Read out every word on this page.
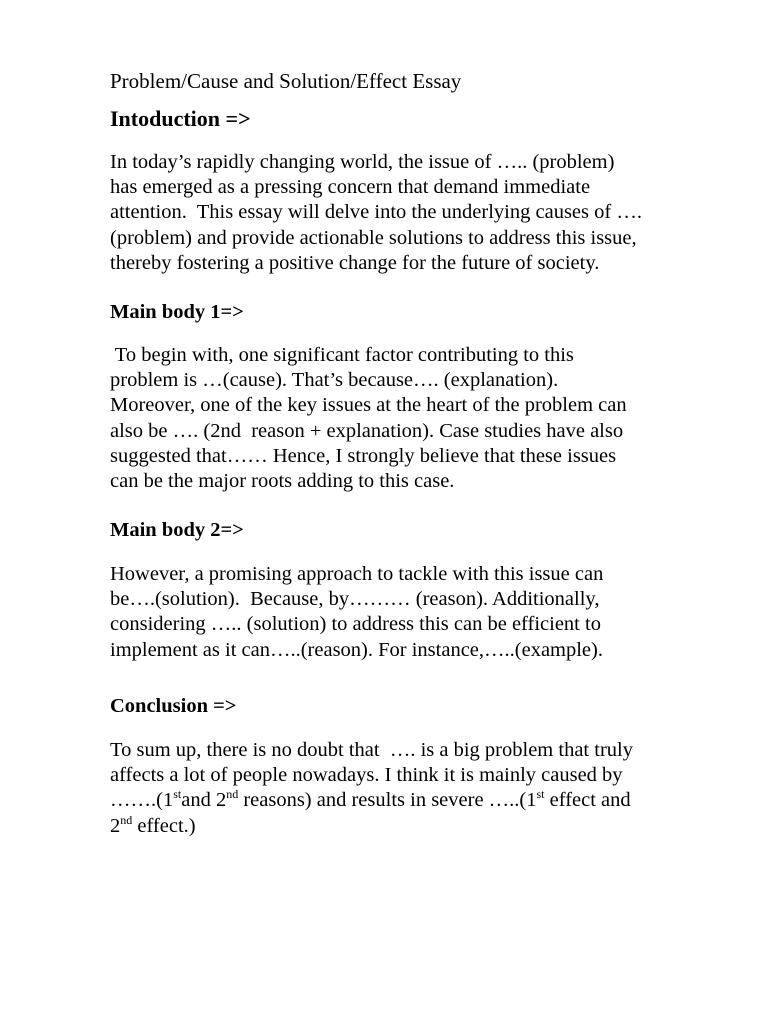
Problem/Cause and Solution/Effect Essay
Intoduction =>
In today’s rapidly changing world, the issue of ….. (problem)
has emerged as a pressing concern that demand immediate
attention.  This essay will delve into the underlying causes of ….
(problem) and provide actionable solutions to address this issue,
thereby fostering a positive change for the future of society.
Main body 1=>
To begin with, one significant factor contributing to this
problem is …(cause). That’s because…. (explanation).
Moreover, one of the key issues at the heart of the problem can
also be …. (2nd  reason + explanation). Case studies have also
suggested that…… Hence, I strongly believe that these issues
can be the major roots adding to this case.
Main body 2=>
However, a promising approach to tackle with this issue can
be….(solution).  Because, by……… (reason). Additionally,
considering ….. (solution) to address this can be efficient to
implement as it can…..(reason). For instance,…..(example).
Conclusion =>
To sum up, there is no doubt that  …. is a big problem that truly
affects a lot of people nowadays. I think it is mainly caused by
…….(1stand 2nd reasons) and results in severe …..(1st effect and
2nd effect.)
